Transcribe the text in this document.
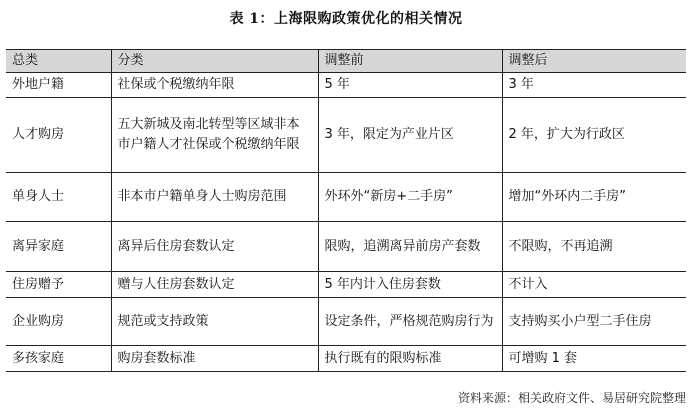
表 1：上海限购政策优化的相关情况
总类	分类	调整前	调整后
外地户籍	社保或个税缴纳年限	5 年	3 年
人才购房	五大新城及南北转型等区域非本市户籍人才社保或个税缴纳年限	3 年，限定为产业片区	2 年，扩大为行政区
单身人士	非本市户籍单身人士购房范围	外环外“新房+二手房”	增加“外环内二手房”
离异家庭	离异后住房套数认定	限购，追溯离异前房产套数	不限购，不再追溯
住房赠予	赠与人住房套数认定	5 年内计入住房套数	不计入
企业购房	规范或支持政策	设定条件，严格规范购房行为	支持购买小户型二手住房
多孩家庭	购房套数标准	执行既有的限购标准	可增购 1 套
资料来源：相关政府文件、易居研究院整理
